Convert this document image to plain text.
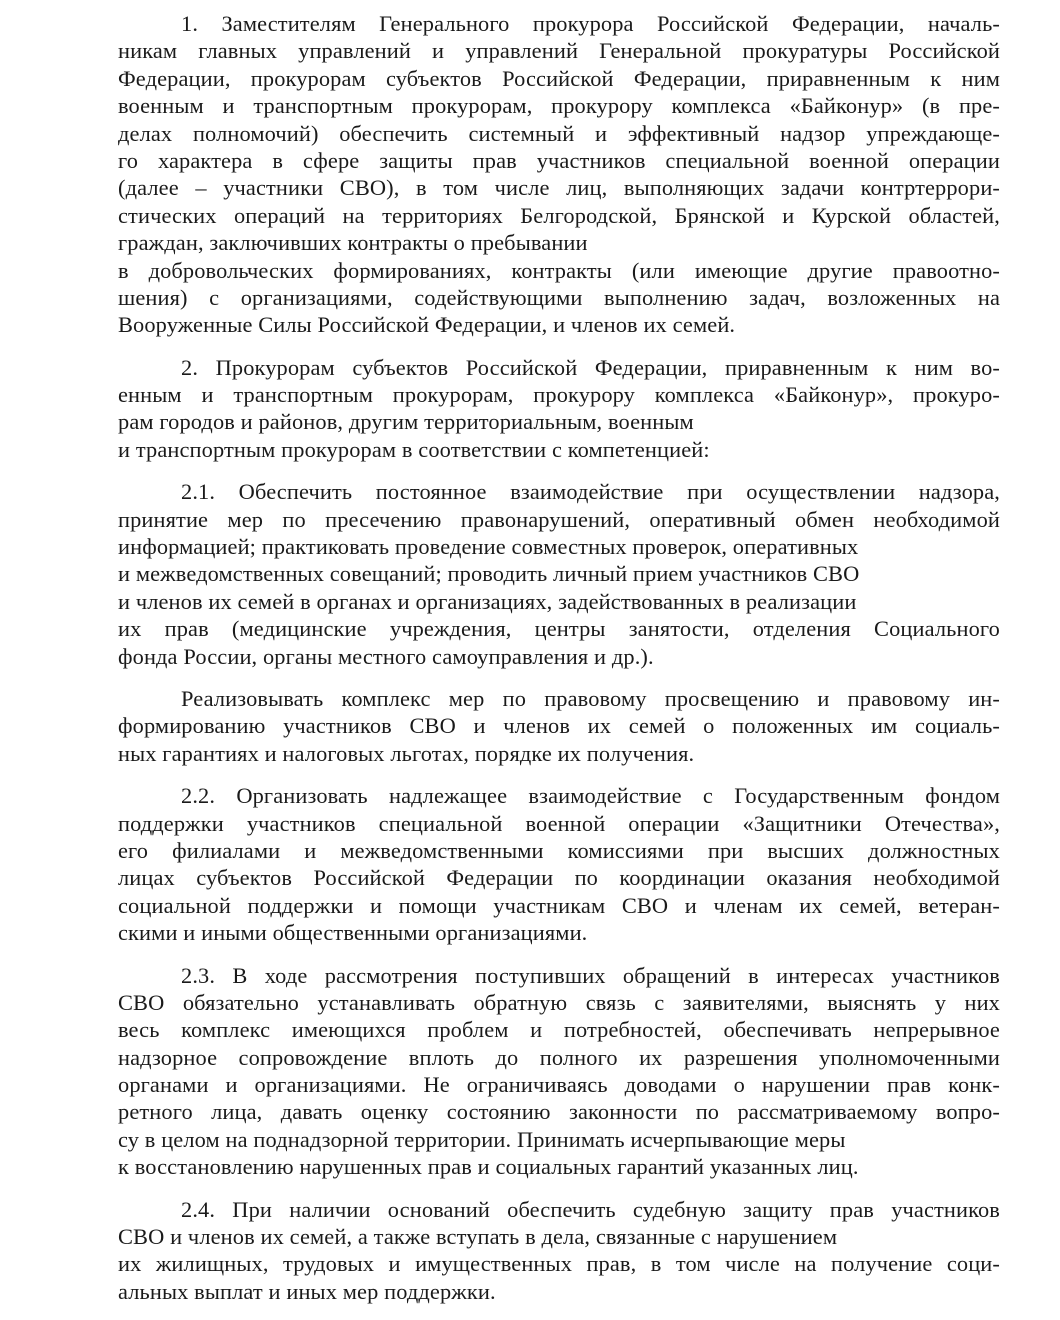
1. Заместителям Генерального прокурора Российской Федерации, началь-
никам главных управлений и управлений Генеральной прокуратуры Российской
Федерации, прокурорам субъектов Российской Федерации, приравненным к ним
военным и транспортным прокурорам, прокурору комплекса «Байконур» (в пре-
делах полномочий) обеспечить системный и эффективный надзор упреждающе-
го характера в сфере защиты прав участников специальной военной операции
(далее – участники СВО), в том числе лиц, выполняющих задачи контртеррори-
стических операций на территориях Белгородской, Брянской и Курской областей,
граждан, заключивших контракты о пребывании
в добровольческих формированиях, контракты (или имеющие другие правоотно-
шения) с организациями, содействующими выполнению задач, возложенных на
Вооруженные Силы Российской Федерации, и членов их семей.
2. Прокурорам субъектов Российской Федерации, приравненным к ним во-
енным и транспортным прокурорам, прокурору комплекса «Байконур», прокуро-
рам городов и районов, другим территориальным, военным
и транспортным прокурорам в соответствии с компетенцией:
2.1. Обеспечить постоянное взаимодействие при осуществлении надзора,
принятие мер по пресечению правонарушений, оперативный обмен необходимой
информацией; практиковать проведение совместных проверок, оперативных
и межведомственных совещаний; проводить личный прием участников СВО
и членов их семей в органах и организациях, задействованных в реализации
их прав (медицинские учреждения, центры занятости, отделения Социального
фонда России, органы местного самоуправления и др.).
Реализовывать комплекс мер по правовому просвещению и правовому ин-
формированию участников СВО и членов их семей о положенных им социаль-
ных гарантиях и налоговых льготах, порядке их получения.
2.2. Организовать надлежащее взаимодействие с Государственным фондом
поддержки участников специальной военной операции «Защитники Отечества»,
его филиалами и межведомственными комиссиями при высших должностных
лицах субъектов Российской Федерации по координации оказания необходимой
социальной поддержки и помощи участникам СВО и членам их семей, ветеран-
скими и иными общественными организациями.
2.3. В ходе рассмотрения поступивших обращений в интересах участников
СВО обязательно устанавливать обратную связь с заявителями, выяснять у них
весь комплекс имеющихся проблем и потребностей, обеспечивать непрерывное
надзорное сопровождение вплоть до полного их разрешения уполномоченными
органами и организациями. Не ограничиваясь доводами о нарушении прав конк-
ретного лица, давать оценку состоянию законности по рассматриваемому вопро-
су в целом на поднадзорной территории. Принимать исчерпывающие меры
к восстановлению нарушенных прав и социальных гарантий указанных лиц.
2.4. При наличии оснований обеспечить судебную защиту прав участников
СВО и членов их семей, а также вступать в дела, связанные с нарушением
их жилищных, трудовых и имущественных прав, в том числе на получение соци-
альных выплат и иных мер поддержки.
